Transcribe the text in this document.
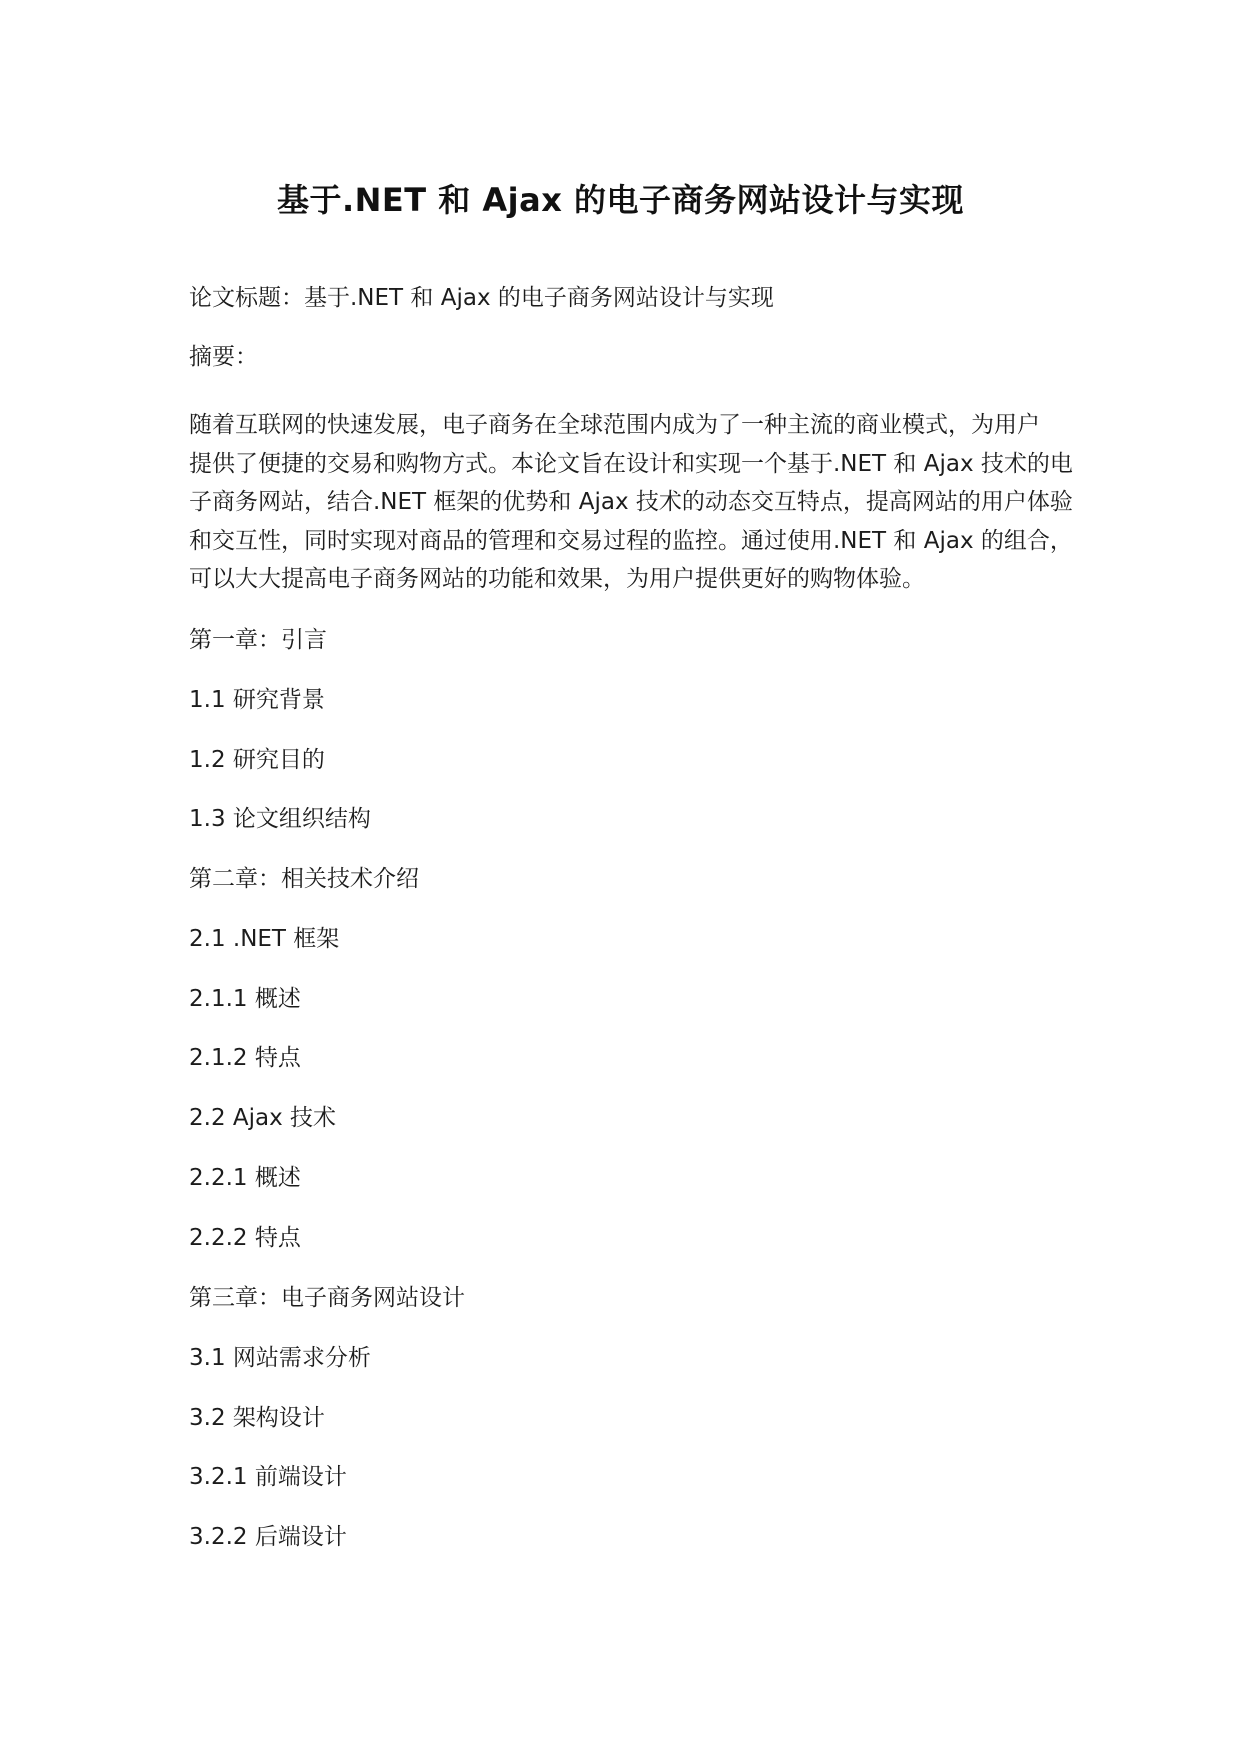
基于.NET 和 Ajax 的电子商务网站设计与实现
论文标题：基于.NET 和 Ajax 的电子商务网站设计与实现
摘要：
随着互联网的快速发展，电子商务在全球范围内成为了一种主流的商业模式，为用户
提供了便捷的交易和购物方式。本论文旨在设计和实现一个基于.NET 和 Ajax 技术的电
子商务网站，结合.NET 框架的优势和 Ajax 技术的动态交互特点，提高网站的用户体验
和交互性，同时实现对商品的管理和交易过程的监控。通过使用.NET 和 Ajax 的组合，
可以大大提高电子商务网站的功能和效果，为用户提供更好的购物体验。
第一章：引言
1.1 研究背景
1.2 研究目的
1.3 论文组织结构
第二章：相关技术介绍
2.1 .NET 框架
2.1.1 概述
2.1.2 特点
2.2 Ajax 技术
2.2.1 概述
2.2.2 特点
第三章：电子商务网站设计
3.1 网站需求分析
3.2 架构设计
3.2.1 前端设计
3.2.2 后端设计
